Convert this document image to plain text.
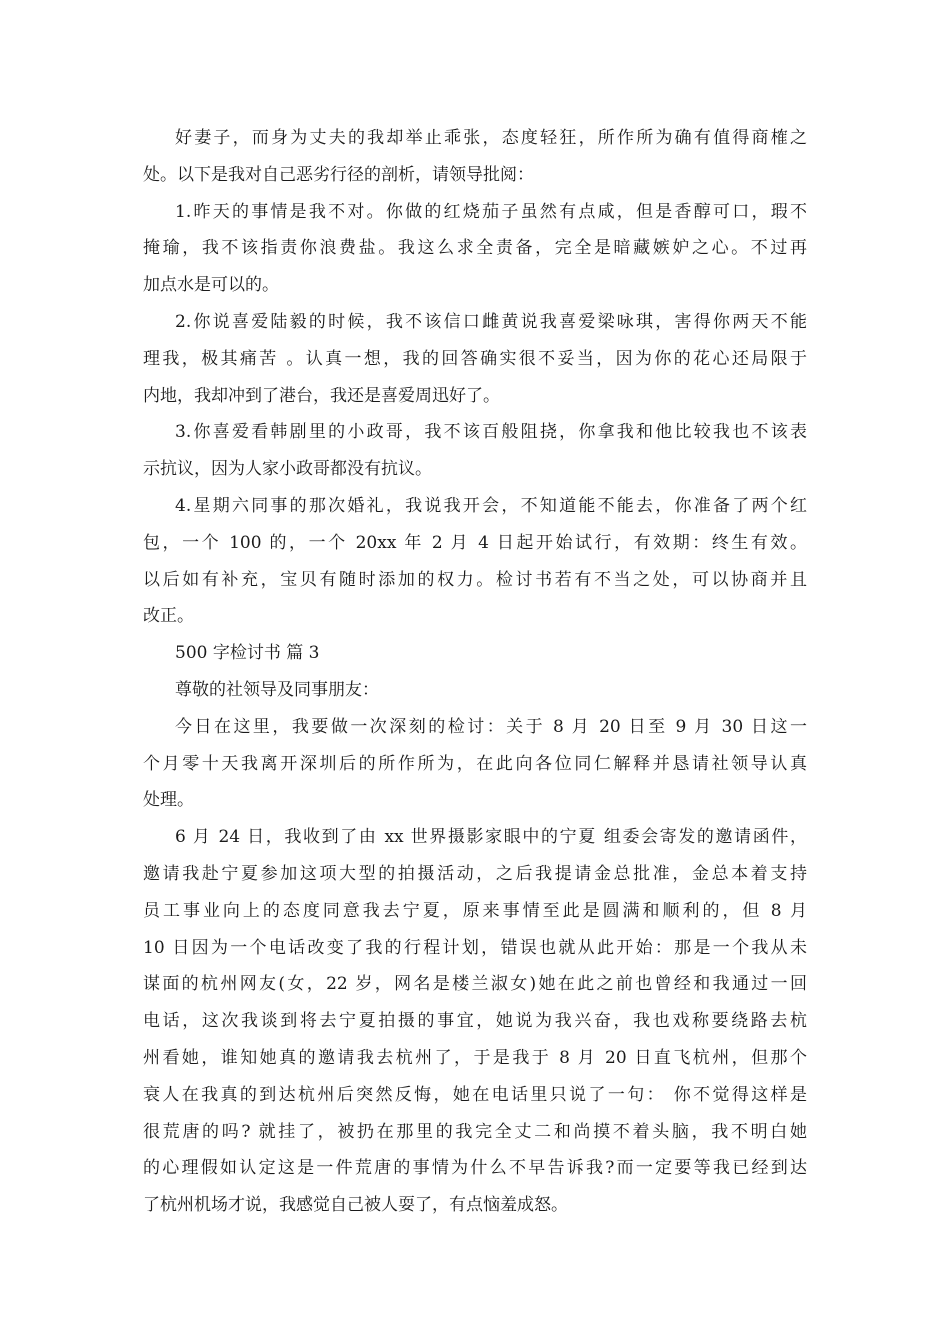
好妻子，而身为丈夫的我却举止乖张，态度轻狂，所作所为确有值得商榷之
处。以下是我对自己恶劣行径的剖析，请领导批阅：
1.昨天的事情是我不对。你做的红烧茄子虽然有点咸，但是香醇可口，瑕不
掩瑜，我不该指责你浪费盐。我这么求全责备，完全是暗藏嫉妒之心。不过再
加点水是可以的。
2.你说喜爱陆毅的时候，我不该信口雌黄说我喜爱梁咏琪，害得你两天不能
理我，极其痛苦 。认真一想，我的回答确实很不妥当，因为你的花心还局限于
内地，我却冲到了港台，我还是喜爱周迅好了。
3.你喜爱看韩剧里的小政哥，我不该百般阻挠，你拿我和他比较我也不该表
示抗议，因为人家小政哥都没有抗议。
4.星期六同事的那次婚礼，我说我开会，不知道能不能去，你准备了两个红
包，一个 100 的，一个 20xx 年 2 月 4 日起开始试行，有效期：终生有效。
以后如有补充，宝贝有随时添加的权力。检讨书若有不当之处，可以协商并且
改正。
500 字检讨书 篇 3
尊敬的社领导及同事朋友：
今日在这里，我要做一次深刻的检讨：关于 8 月 20 日至 9 月 30 日这一
个月零十天我离开深圳后的所作所为，在此向各位同仁解释并恳请社领导认真
处理。
6 月 24 日，我收到了由 xx 世界摄影家眼中的宁夏 组委会寄发的邀请函件，
邀请我赴宁夏参加这项大型的拍摄活动，之后我提请金总批准，金总本着支持
员工事业向上的态度同意我去宁夏，原来事情至此是圆满和顺利的，但 8 月
10 日因为一个电话改变了我的行程计划，错误也就从此开始：那是一个我从未
谋面的杭州网友(女，22 岁，网名是楼兰淑女)她在此之前也曾经和我通过一回
电话，这次我谈到将去宁夏拍摄的事宜，她说为我兴奋，我也戏称要绕路去杭
州看她，谁知她真的邀请我去杭州了，于是我于 8 月 20 日直飞杭州，但那个
衰人在我真的到达杭州后突然反悔，她在电话里只说了一句： 你不觉得这样是
很荒唐的吗? 就挂了，被扔在那里的我完全丈二和尚摸不着头脑，我不明白她
的心理假如认定这是一件荒唐的事情为什么不早告诉我?而一定要等我已经到达
了杭州机场才说，我感觉自己被人耍了，有点恼羞成怒。
